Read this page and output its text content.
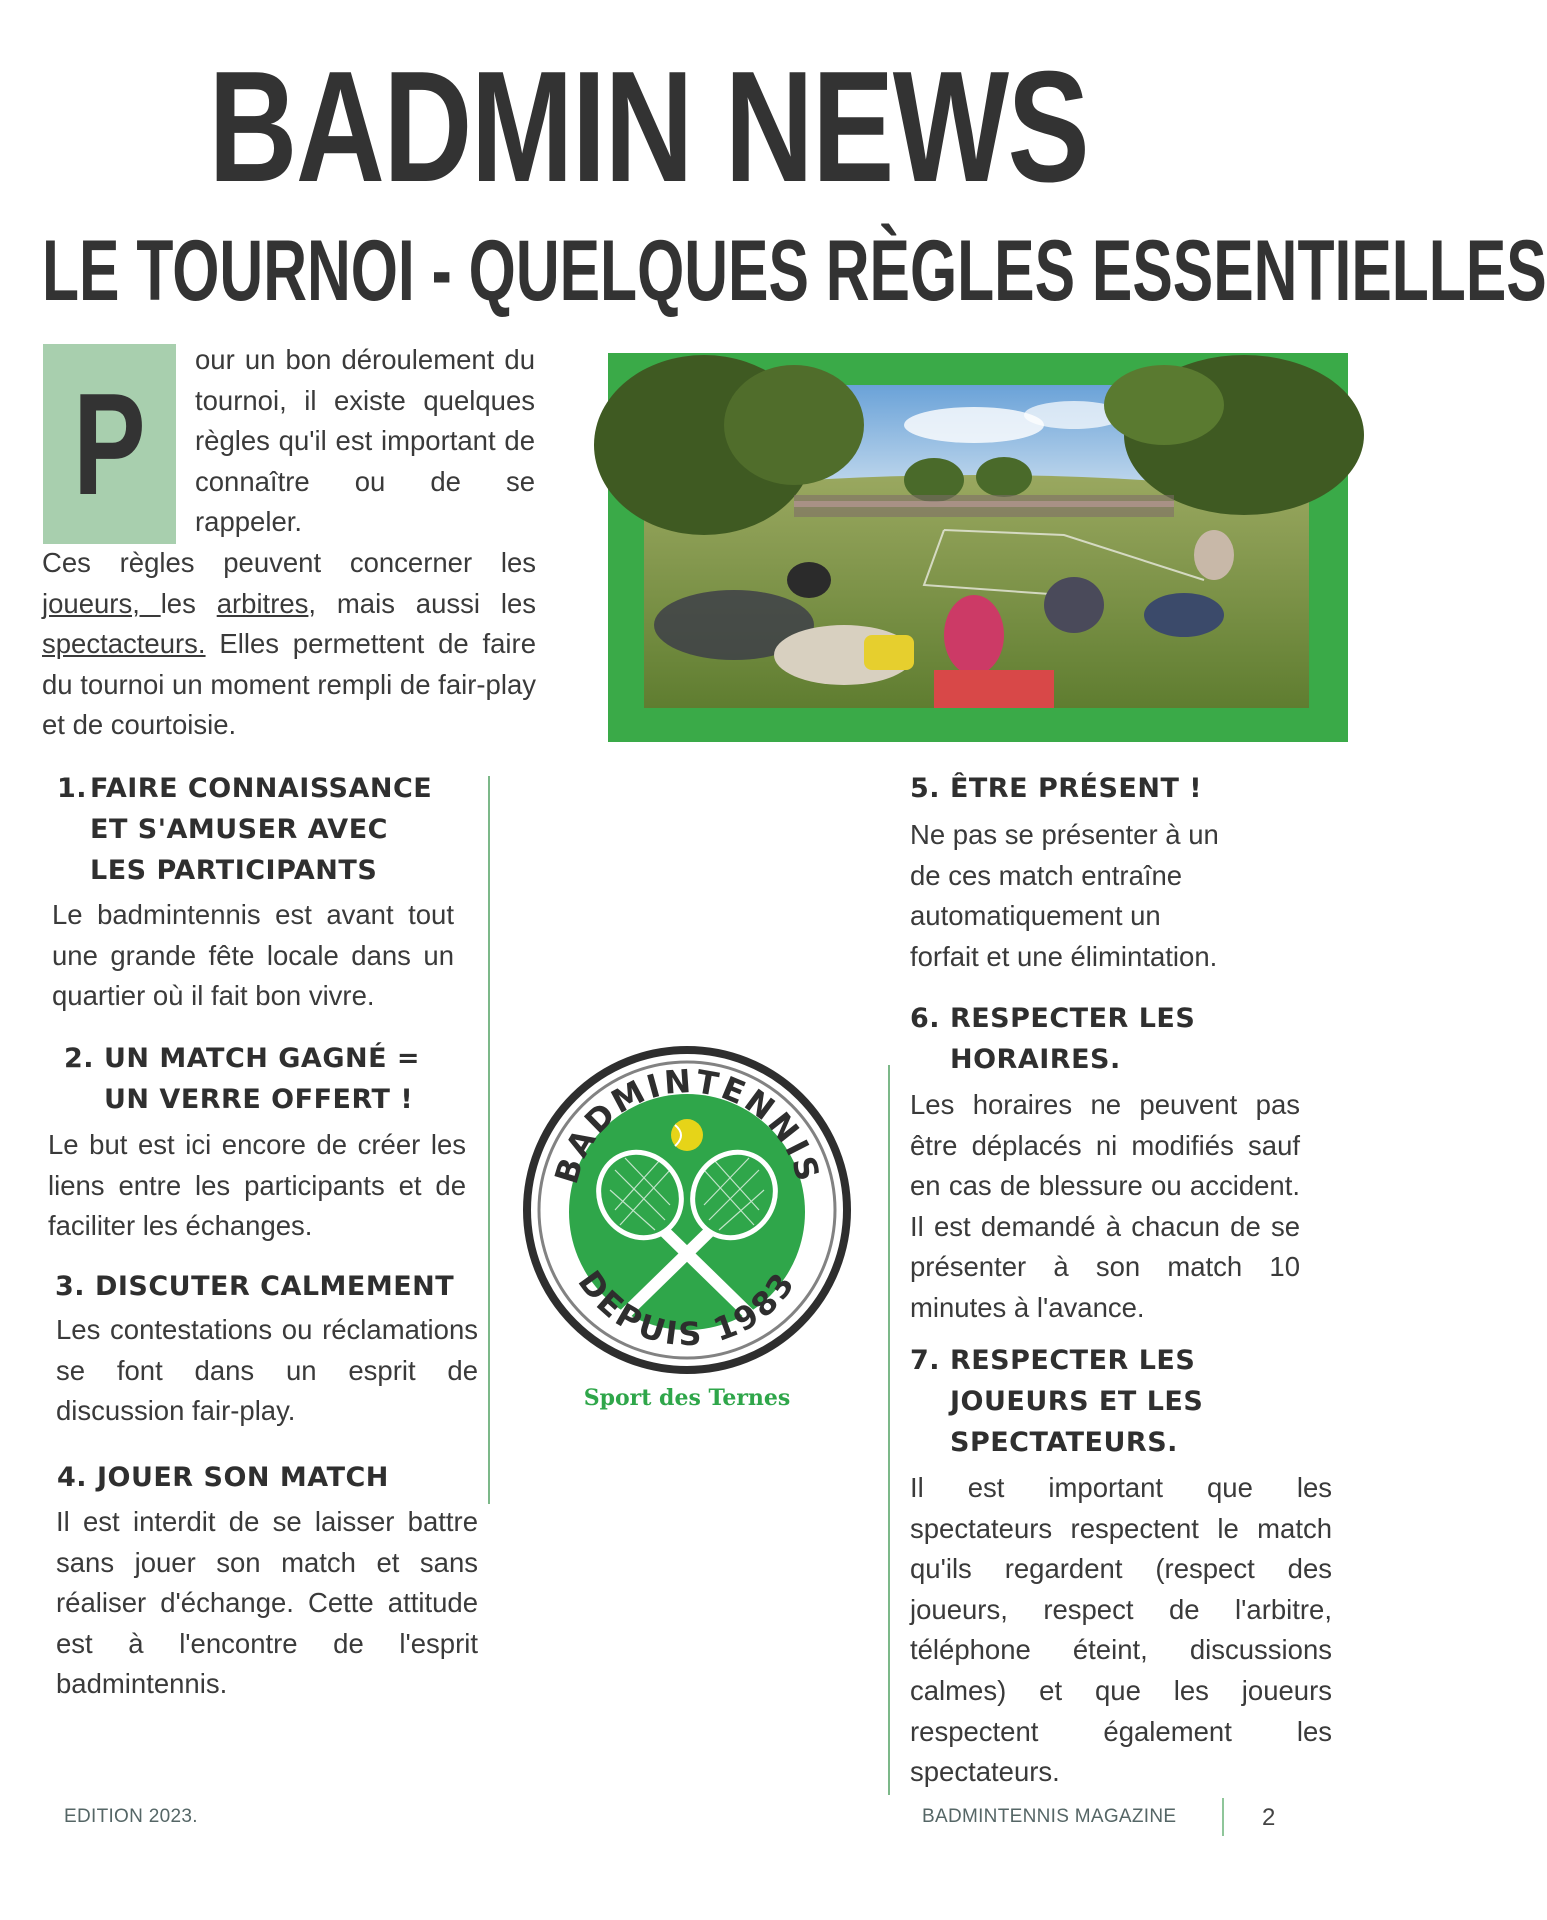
BADMIN NEWS
LE TOURNOI - QUELQUES RÈGLES ESSENTIELLES
P
our un bon déroulement du tournoi, il existe quelques règles qu'il est important de connaître ou de se rappeler.
Ces règles peuvent concerner les joueurs, les arbitres, mais aussi les spectacteurs. Elles permettent de faire du tournoi un moment rempli de fair-play et de courtoisie.
1. FAIRE CONNAISSANCE
ET S'AMUSER AVEC
LES PARTICIPANTS
Le badmintennis est avant tout une grande fête locale dans un quartier où il fait bon vivre.
2. UN MATCH GAGNÉ =
UN VERRE OFFERT !
Le but est ici encore de créer les liens entre les participants et de faciliter les échanges.
3. DISCUTER CALMEMENT
Les contestations ou réclamations se font dans un esprit de discussion fair-play.
4. JOUER SON MATCH
Il est interdit de se laisser battre sans jouer son match et sans réaliser d'échange. Cette attitude est à l'encontre de l'esprit badmintennis.
BADMINTENNIS
DEPUIS 1983
Sport des Ternes
5. ÊTRE PRÉSENT !
Ne pas se présenter à un
de ces match entraîne
automatiquement un
forfait et une élimintation.
6. RESPECTER LES
HORAIRES.
Les horaires ne peuvent pas être déplacés ni modifiés sauf en cas de blessure ou accident. Il est demandé à chacun de se présenter à son match 10 minutes à l'avance.
7. RESPECTER LES
JOUEURS ET LES
SPECTATEURS.
Il est important que les spectateurs respectent le match qu'ils regardent (respect des joueurs, respect de l'arbitre, téléphone éteint, discussions calmes) et que les joueurs respectent également les spectateurs.
EDITION 2023.	BADMINTENNIS MAGAZINE	2
